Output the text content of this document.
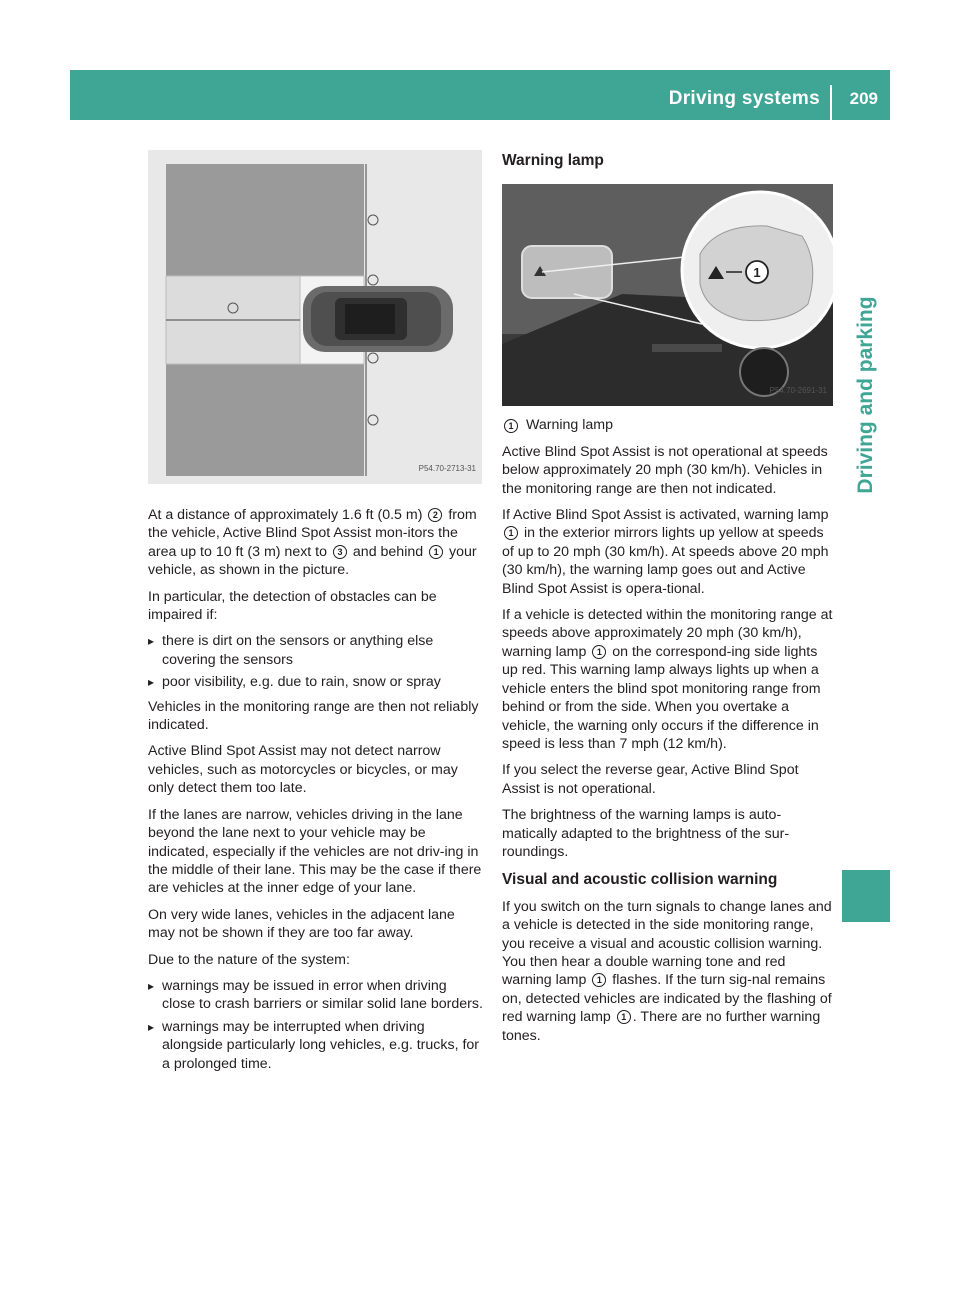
Driving systems 209
Driving and parking
P54.70-2713-31

At a distance of approximately 1.6 ft (0.5 m) 2 from the vehicle, Active Blind Spot Assist mon-itors the area up to 10 ft (3 m) next to 3 and behind 1 your vehicle, as shown in the picture.

In particular, the detection of obstacles can be impaired if:

▸ there is dirt on the sensors or anything else covering the sensors
▸ poor visibility, e.g. due to rain, snow or spray

Vehicles in the monitoring range are then not reliably indicated.

Active Blind Spot Assist may not detect narrow vehicles, such as motorcycles or bicycles, or may only detect them too late.

If the lanes are narrow, vehicles driving in the lane beyond the lane next to your vehicle may be indicated, especially if the vehicles are not driv-ing in the middle of their lane. This may be the case if there are vehicles at the inner edge of your lane.

On very wide lanes, vehicles in the adjacent lane may not be shown if they are too far away.

Due to the nature of the system:

▸ warnings may be issued in error when driving close to crash barriers or similar solid lane borders.
▸ warnings may be interrupted when driving alongside particularly long vehicles, e.g. trucks, for a prolonged time.
Warning lamp
1
P54.70-2691-31
1 Warning lamp

Active Blind Spot Assist is not operational at speeds below approximately 20 mph (30 km/h). Vehicles in the monitoring range are then not indicated.

If Active Blind Spot Assist is activated, warning lamp 1 in the exterior mirrors lights up yellow at speeds of up to 20 mph (30 km/h). At speeds above 20 mph (30 km/h), the warning lamp goes out and Active Blind Spot Assist is opera-tional.

If a vehicle is detected within the monitoring range at speeds above approximately 20 mph (30 km/h), warning lamp 1 on the correspond-ing side lights up red. This warning lamp always lights up when a vehicle enters the blind spot monitoring range from behind or from the side. When you overtake a vehicle, the warning only occurs if the difference in speed is less than 7 mph (12 km/h).

If you select the reverse gear, Active Blind Spot Assist is not operational.

The brightness of the warning lamps is auto-matically adapted to the brightness of the sur-roundings.

Visual and acoustic collision warning

If you switch on the turn signals to change lanes and a vehicle is detected in the side monitoring range, you receive a visual and acoustic collision warning. You then hear a double warning tone and red warning lamp 1 flashes. If the turn sig-nal remains on, detected vehicles are indicated by the flashing of red warning lamp 1 . There are no further warning tones.
